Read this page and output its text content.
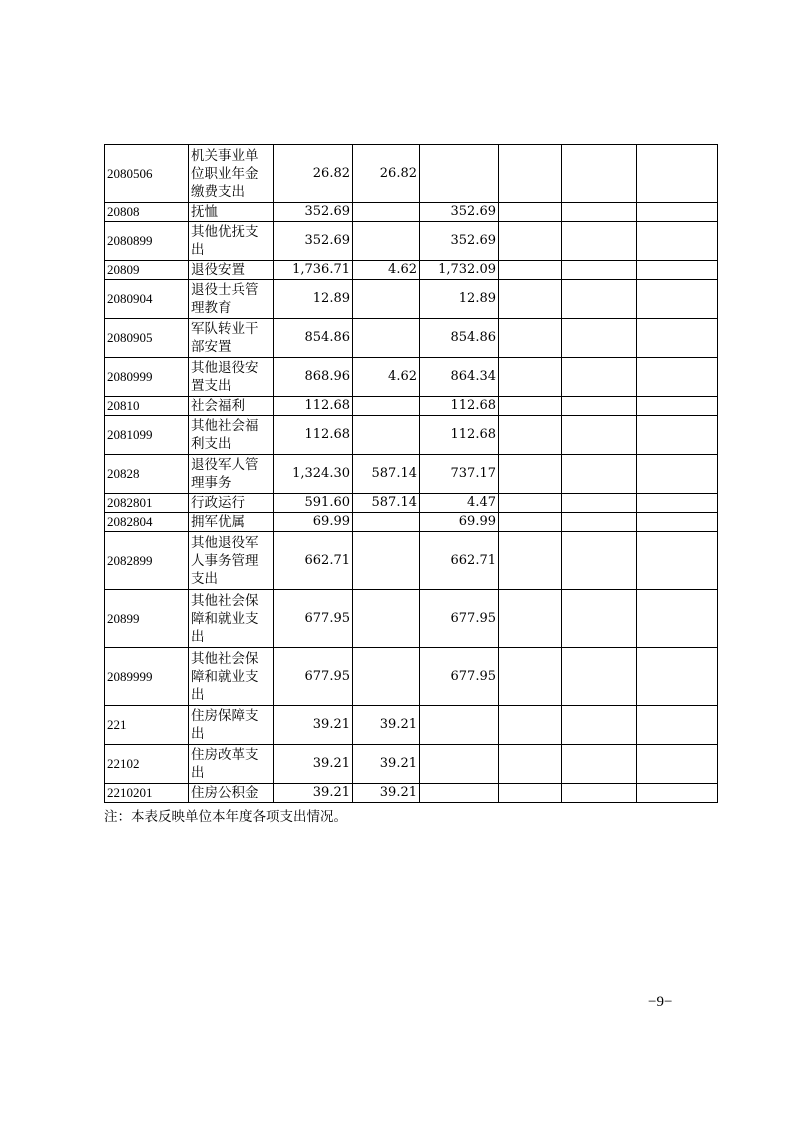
2080506	机关事业单位职业年金缴费支出	26.82	26.82				
20808	抚恤	352.69		352.69			
2080899	其他优抚支出	352.69		352.69			
20809	退役安置	1,736.71	4.62	1,732.09			
2080904	退役士兵管理教育	12.89		12.89			
2080905	军队转业干部安置	854.86		854.86			
2080999	其他退役安置支出	868.96	4.62	864.34			
20810	社会福利	112.68		112.68			
2081099	其他社会福利支出	112.68		112.68			
20828	退役军人管理事务	1,324.30	587.14	737.17			
2082801	行政运行	591.60	587.14	4.47			
2082804	拥军优属	69.99		69.99			
2082899	其他退役军人事务管理支出	662.71		662.71			
20899	其他社会保障和就业支出	677.95		677.95			
2089999	其他社会保障和就业支出	677.95		677.95			
221	住房保障支出	39.21	39.21				
22102	住房改革支出	39.21	39.21				
2210201	住房公积金	39.21	39.21				
注：本表反映单位本年度各项支出情况。
−9−
